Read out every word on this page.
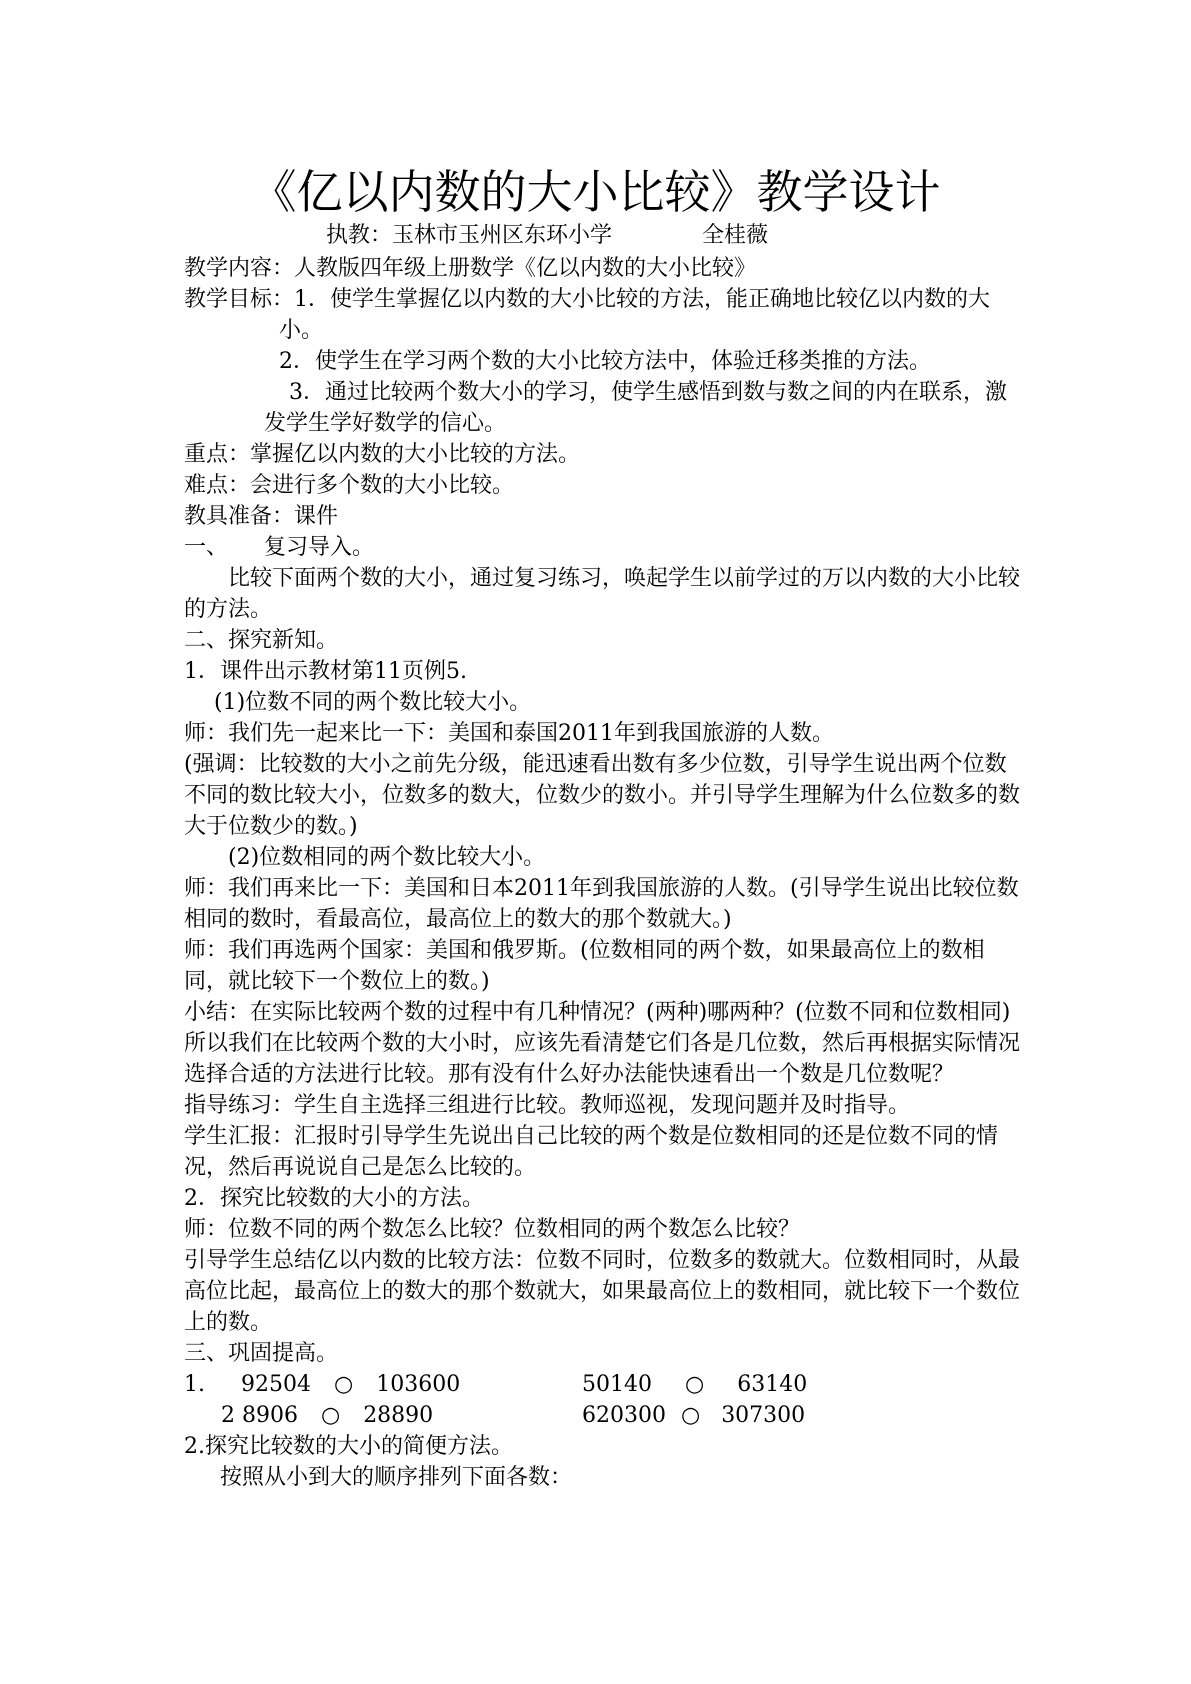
《亿以内数的大小比较》教学设计
执教：玉林市玉州区东环小学	全桂薇

教学内容：人教版四年级上册数学《亿以内数的大小比较》

教学目标：1．使学生掌握亿以内数的大小比较的方法，能正确地比较亿以内数的大小。

2．使学生在学习两个数的大小比较方法中，体验迁移类推的方法。

3．通过比较两个数大小的学习，使学生感悟到数与数之间的内在联系，激发学生学好数学的信心。

重点：掌握亿以内数的大小比较的方法。

难点：会进行多个数的大小比较。

教具准备：课件

一、 复习导入。

比较下面两个数的大小，通过复习练习，唤起学生以前学过的万以内数的大小比较的方法。

二、探究新知。

1．课件出示教材第11页例5.

(1)位数不同的两个数比较大小。

师：我们先一起来比一下：美国和泰国2011年到我国旅游的人数。

(强调：比较数的大小之前先分级，能迅速看出数有多少位数，引导学生说出两个位数不同的数比较大小，位数多的数大，位数少的数小。并引导学生理解为什么位数多的数大于位数少的数。)

(2)位数相同的两个数比较大小。

师：我们再来比一下：美国和日本2011年到我国旅游的人数。(引导学生说出比较位数相同的数时，看最高位，最高位上的数大的那个数就大。)

师：我们再选两个国家：美国和俄罗斯。(位数相同的两个数，如果最高位上的数相同，就比较下一个数位上的数。)

小结：在实际比较两个数的过程中有几种情况？(两种)哪两种？(位数不同和位数相同)所以我们在比较两个数的大小时，应该先看清楚它们各是几位数，然后再根据实际情况选择合适的方法进行比较。那有没有什么好办法能快速看出一个数是几位数呢？

指导练习：学生自主选择三组进行比较。教师巡视，发现问题并及时指导。

学生汇报：汇报时引导学生先说出自己比较的两个数是位数相同的还是位数不同的情况，然后再说说自己是怎么比较的。

2．探究比较数的大小的方法。

师：位数不同的两个数怎么比较？位数相同的两个数怎么比较？

引导学生总结亿以内数的比较方法：位数不同时，位数多的数就大。位数相同时，从最高位比起，最高位上的数大的那个数就大，如果最高位上的数相同，就比较下一个数位上的数。

三、巩固提高。

1. 92504 ○ 103600	50140 ○ 63140
2 8906 ○ 28890	620300 ○ 307300

2.探究比较数的大小的简便方法。

按照从小到大的顺序排列下面各数：
